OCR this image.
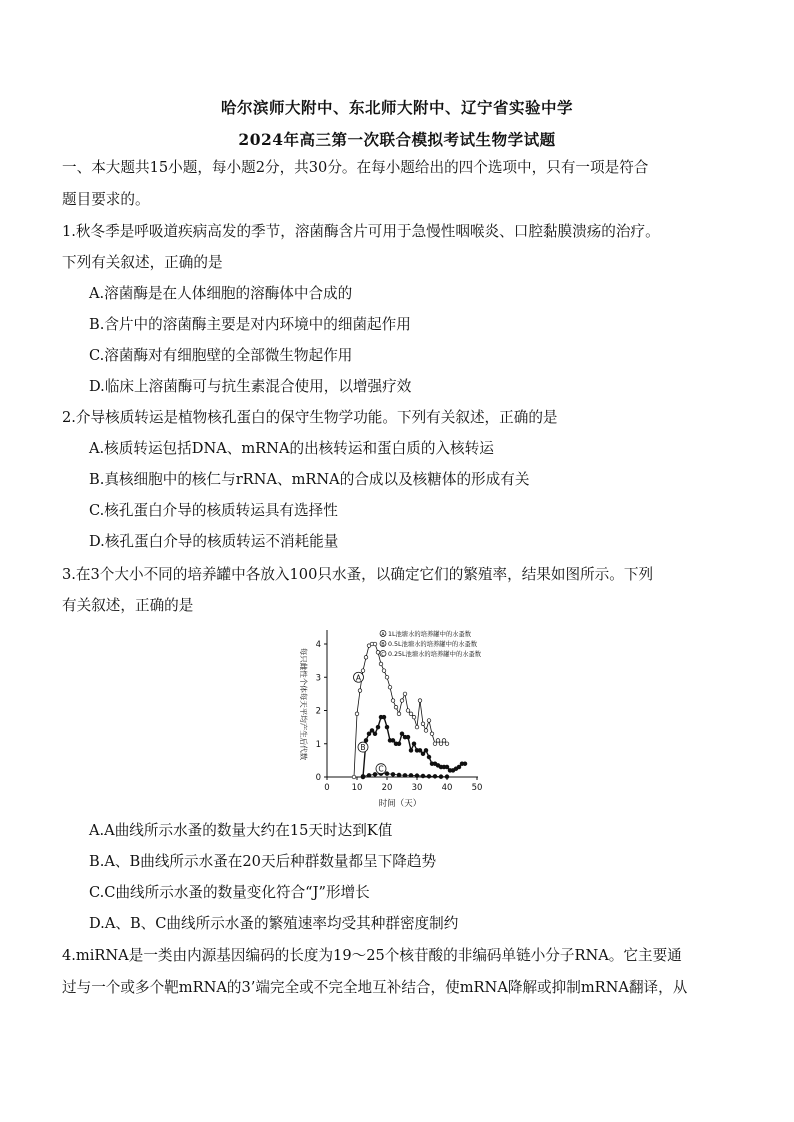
哈尔滨师大附中、东北师大附中、辽宁省实验中学
2024年高三第一次联合模拟考试生物学试题
一、本大题共15小题，每小题2分，共30分。在每小题给出的四个选项中，只有一项是符合
题目要求的。
1.秋冬季是呼吸道疾病高发的季节，溶菌酶含片可用于急慢性咽喉炎、口腔黏膜溃疡的治疗。
下列有关叙述，正确的是
A.溶菌酶是在人体细胞的溶酶体中合成的
B.含片中的溶菌酶主要是对内环境中的细菌起作用
C.溶菌酶对有细胞壁的全部微生物起作用
D.临床上溶菌酶可与抗生素混合使用，以增强疗效
2.介导核质转运是植物核孔蛋白的保守生物学功能。下列有关叙述，正确的是
A.核质转运包括DNA、mRNA的出核转运和蛋白质的入核转运
B.真核细胞中的核仁与rRNA、mRNA的合成以及核糖体的形成有关
C.核孔蛋白介导的核质转运具有选择性
D.核孔蛋白介导的核质转运不消耗能量
3.在3个大小不同的培养罐中各放入100只水蚤，以确定它们的繁殖率，结果如图所示。下列
有关叙述，正确的是
0	10 20 30 40 50
0
1
2
3
4
A
B
C
每只雌性个体每天平均产生后代数
时间（天）
A 1L池塘水的培养罐中的水蚤数
B 0.5L池塘水的培养罐中的水蚤数
C 0.25L池塘水的培养罐中的水蚤数
A.A曲线所示水蚤的数量大约在15天时达到K值
B.A、B曲线所示水蚤在20天后种群数量都呈下降趋势
C.C曲线所示水蚤的数量变化符合“J”形增长
D.A、B、C曲线所示水蚤的繁殖速率均受其种群密度制约
4.miRNA是一类由内源基因编码的长度为19～25个核苷酸的非编码单链小分子RNA。它主要通
过与一个或多个靶mRNA的3’端完全或不完全地互补结合，使mRNA降解或抑制mRNA翻译，从
